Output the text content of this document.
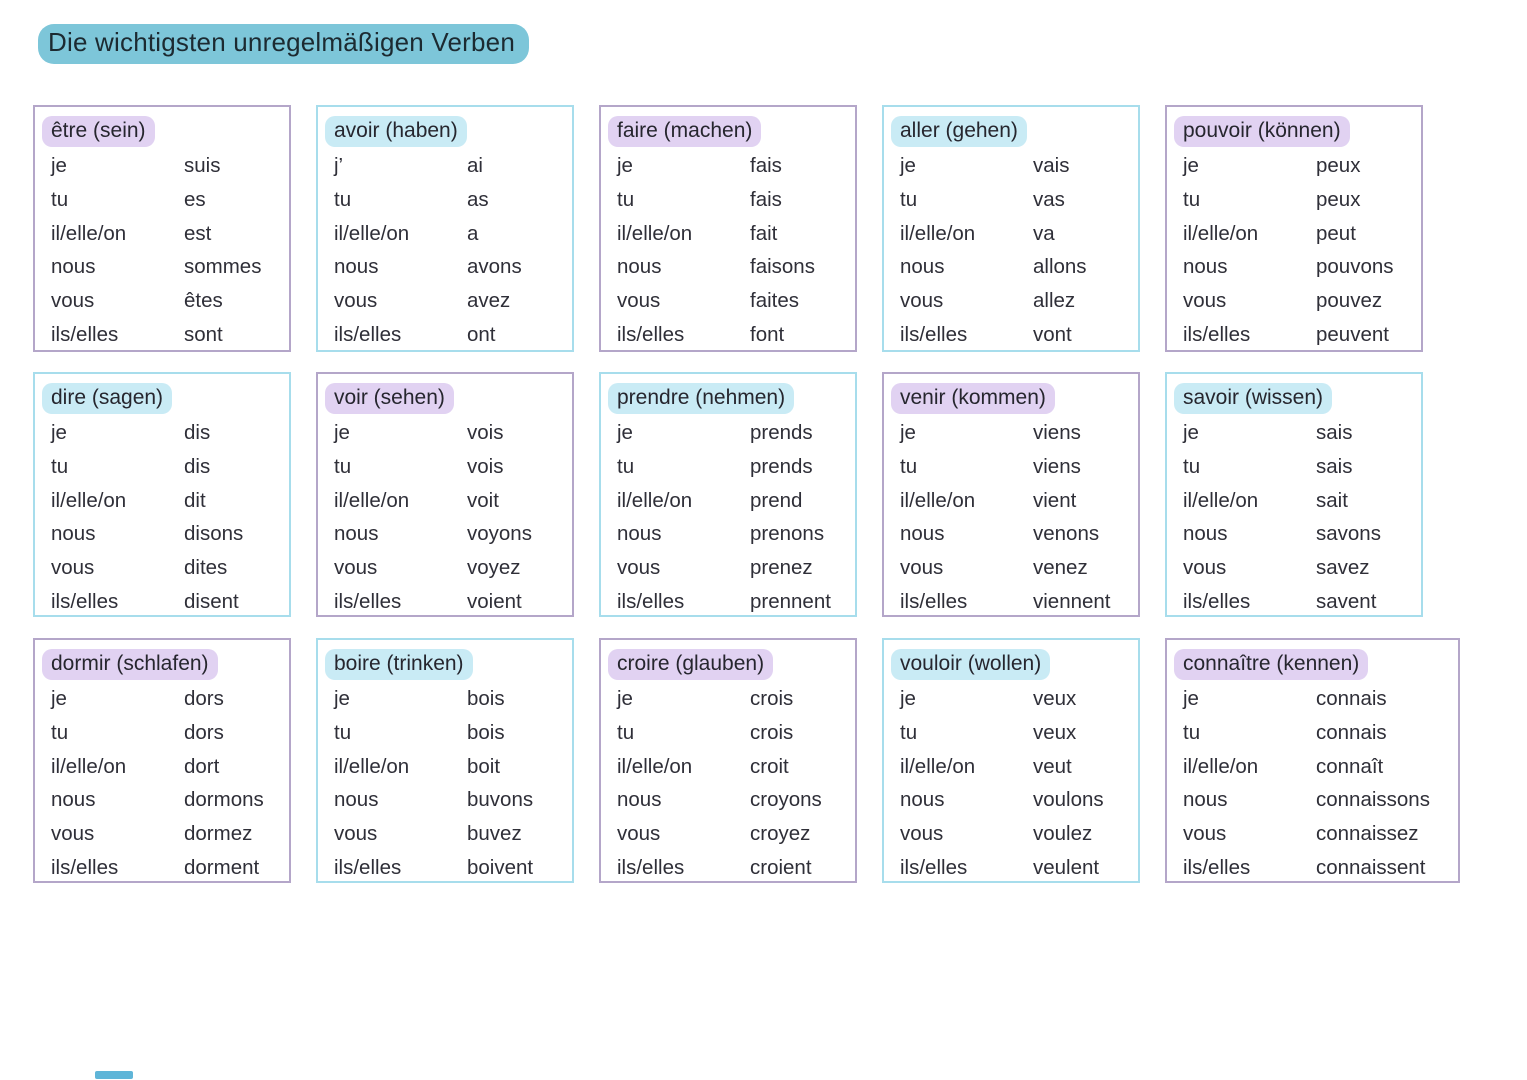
Die wichtigsten unregelmäßigen Verben
être (sein)
je	suis
tu	es
il/elle/on	est
nous	sommes
vous	êtes
ils/elles	sont
avoir (haben)
j’	ai
tu	as
il/elle/on	a
nous	avons
vous	avez
ils/elles	ont
faire (machen)
je	fais
tu	fais
il/elle/on	fait
nous	faisons
vous	faites
ils/elles	font
aller (gehen)
je	vais
tu	vas
il/elle/on	va
nous	allons
vous	allez
ils/elles	vont
pouvoir (können)
je	peux
tu	peux
il/elle/on	peut
nous	pouvons
vous	pouvez
ils/elles	peuvent
dire (sagen)
je	dis
tu	dis
il/elle/on	dit
nous	disons
vous	dites
ils/elles	disent
voir (sehen)
je	vois
tu	vois
il/elle/on	voit
nous	voyons
vous	voyez
ils/elles	voient
prendre (nehmen)
je	prends
tu	prends
il/elle/on	prend
nous	prenons
vous	prenez
ils/elles	prennent
venir (kommen)
je	viens
tu	viens
il/elle/on	vient
nous	venons
vous	venez
ils/elles	viennent
savoir (wissen)
je	sais
tu	sais
il/elle/on	sait
nous	savons
vous	savez
ils/elles	savent
dormir (schlafen)
je	dors
tu	dors
il/elle/on	dort
nous	dormons
vous	dormez
ils/elles	dorment
boire (trinken)
je	bois
tu	bois
il/elle/on	boit
nous	buvons
vous	buvez
ils/elles	boivent
croire (glauben)
je	crois
tu	crois
il/elle/on	croit
nous	croyons
vous	croyez
ils/elles	croient
vouloir (wollen)
je	veux
tu	veux
il/elle/on	veut
nous	voulons
vous	voulez
ils/elles	veulent
connaître (kennen)
je	connais
tu	connais
il/elle/on	connaît
nous	connaissons
vous	connaissez
ils/elles	connaissent
